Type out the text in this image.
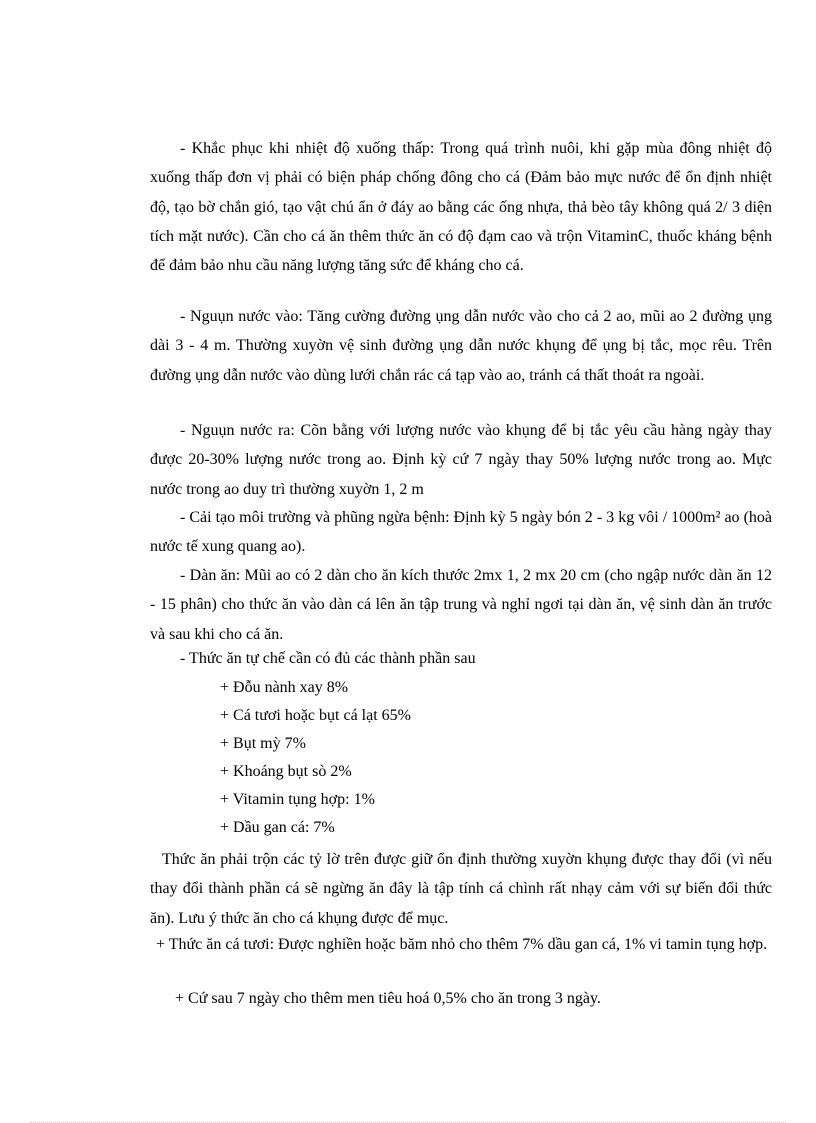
- Khắc phục khi nhiệt độ xuống thấp: Trong quá trình nuôi, khi gặp mùa đông nhiệt độ xuống thấp đơn vị phải có biện pháp chống đông cho cá (Đảm bảo mực nước để ổn định nhiệt độ, tạo bờ chắn gió, tạo vật chú ẩn ở đáy ao bằng các ống nhựa, thả bèo tây không quá 2/ 3 diện tích mặt nước). Cần cho cá ăn thêm thức ăn có độ đạm cao và trộn VitaminC, thuốc kháng bệnh để đảm bảo nhu cầu năng lượng tăng sức để kháng cho cá.

- Nguụn nước vào: Tăng cường đường ụng dẫn nước vào cho cả 2 ao, mũi ao 2 đường ụng dài 3 - 4 m. Thường xuyờn vệ sinh đường ụng dẫn nước khụng để ụng bị tắc, mọc rêu. Trên đường ụng dẫn nước vào dùng lưới chắn rác cá tạp vào ao, tránh cá thất thoát ra ngoài.

- Nguụn nước ra: Cõn bằng với lượng nước vào khụng để bị tắc yêu cầu hàng ngày thay được 20-30% lượng nước trong ao. Định kỳ cứ 7 ngày thay 50% lượng nước trong ao. Mực nước trong ao duy trì thường xuyờn 1, 2 m

- Cải tạo môi trường và phũng ngừa bệnh: Định kỳ 5 ngày bón 2 - 3 kg vôi / 1000m² ao (hoà nước tế xung quang ao).

- Dàn ăn: Mũi ao có 2 dàn cho ăn kích thước 2mx 1, 2 mx 20 cm (cho ngập nước dàn ăn 12 - 15 phân) cho thức ăn vào dàn cá lên ăn tập trung và nghỉ ngơi tại dàn ăn, vệ sinh dàn ăn trước và sau khi cho cá ăn.

- Thức ăn tự chế cần có đủ các thành phần sau

+ Đỗu nành xay 8%

+ Cá tươi hoặc bụt cá lạt 65%

+ Bụt mỳ 7%

+ Khoáng bụt sò 2%

+ Vitamin tụng hợp: 1%

+ Dầu gan cá: 7%

Thức ăn phải trộn các tỷ lờ trên được giữ ổn định thường xuyờn khụng được thay đổi (vì nếu thay đổi thành phần cá sẽ ngừng ăn đây là tập tính cá chình rất nhạy cảm với sự biến đổi thức ăn). Lưu ý thức ăn cho cá khụng được để mục.

+ Thức ăn cá tươi: Được nghiền hoặc băm nhỏ cho thêm 7% dầu gan cá, 1% vi tamin tụng hợp.

+ Cứ sau 7 ngày cho thêm men tiêu hoá 0,5% cho ăn trong 3 ngày.
